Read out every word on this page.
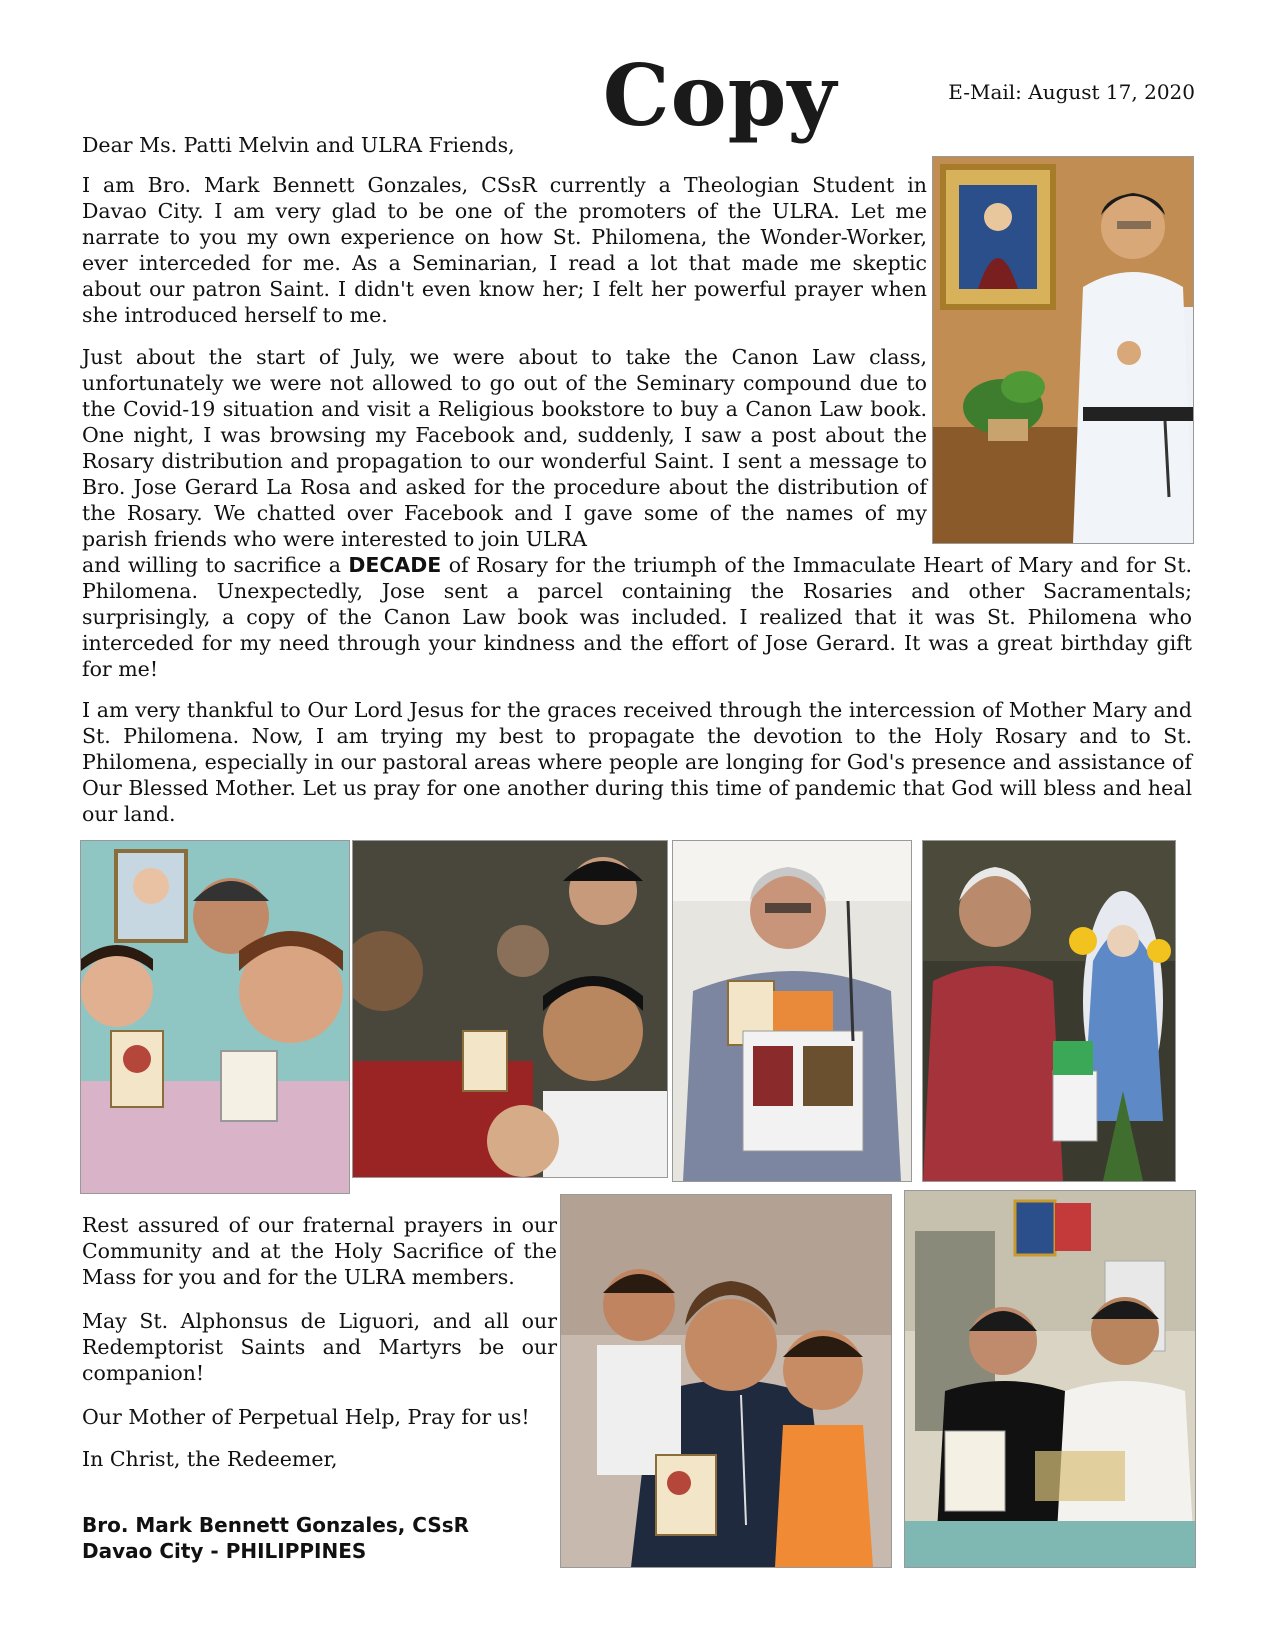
Copy	E-Mail: August 17, 2020

Dear Ms. Patti Melvin and ULRA Friends,

I am Bro. Mark Bennett Gonzales, CSsR currently a Theologian Student in Davao City. I am very glad to be one of the promoters of the ULRA. Let me narrate to you my own experience on how St. Philomena, the Wonder-Worker, ever interceded for me. As a Seminarian, I read a lot that made me skeptic about our patron Saint. I didn't even know her; I felt her powerful prayer when she introduced herself to me.

Just about the start of July, we were about to take the Canon Law class, unfortunately we were not allowed to go out of the Seminary compound due to the Covid-19 situation and visit a Religious bookstore to buy a Canon Law book. One night, I was browsing my Facebook and, suddenly, I saw a post about the Rosary distribution and propagation to our wonderful Saint. I sent a message to Bro. Jose Gerard La Rosa and asked for the procedure about the distribution of the Rosary. We chatted over Facebook and I gave some of the names of my parish friends who were interested to join ULRA

and willing to sacrifice a DECADE of Rosary for the triumph of the Immaculate Heart of Mary and for St. Philomena. Unexpectedly, Jose sent a parcel containing the Rosaries and other Sacramentals; surprisingly, a copy of the Canon Law book was included. I realized that it was St. Philomena who interceded for my need through your kindness and the effort of Jose Gerard. It was a great birthday gift for me!

I am very thankful to Our Lord Jesus for the graces received through the intercession of Mother Mary and St. Philomena. Now, I am trying my best to propagate the devotion to the Holy Rosary and to St. Philomena, especially in our pastoral areas where people are longing for God's presence and assistance of Our Blessed Mother. Let us pray for one another during this time of pandemic that God will bless and heal our land.

Rest assured of our fraternal prayers in our Community and at the Holy Sacrifice of the Mass for you and for the ULRA members.

May St. Alphonsus de Liguori, and all our Redemptorist Saints and Martyrs be our companion!

Our Mother of Perpetual Help, Pray for us!

In Christ, the Redeemer,

Bro. Mark Bennett Gonzales, CSsR
Davao City - PHILIPPINES
